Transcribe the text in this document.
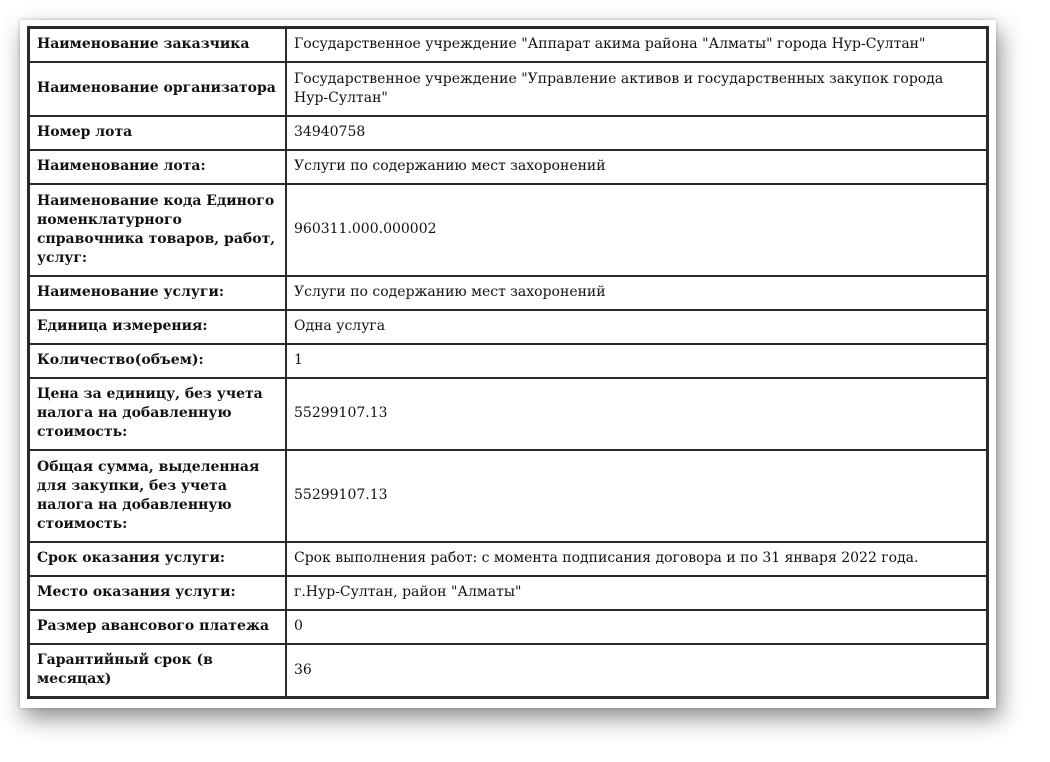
Наименование заказчика	Государственное учреждение "Аппарат акима района "Алматы" города Нур-Султан"
Наименование организатора	Государственное учреждение "Управление активов и государственных закупок города Нур-Султан"
Номер лота	34940758
Наименование лота:	Услуги по содержанию мест захоронений
Наименование кода Единого номенклатурного справочника товаров, работ, услуг:	960311.000.000002
Наименование услуги:	Услуги по содержанию мест захоронений
Единица измерения:	Одна услуга
Количество(объем):	1
Цена за единицу, без учета налога на добавленную стоимость:	55299107.13
Общая сумма, выделенная для закупки, без учета налога на добавленную стоимость:	55299107.13
Срок оказания услуги:	Срок выполнения работ: с момента подписания договора и по 31 января 2022 года.
Место оказания услуги:	г.Нур-Султан, район "Алматы"
Размер авансового платежа	0
Гарантийный срок (в месяцах)	36
